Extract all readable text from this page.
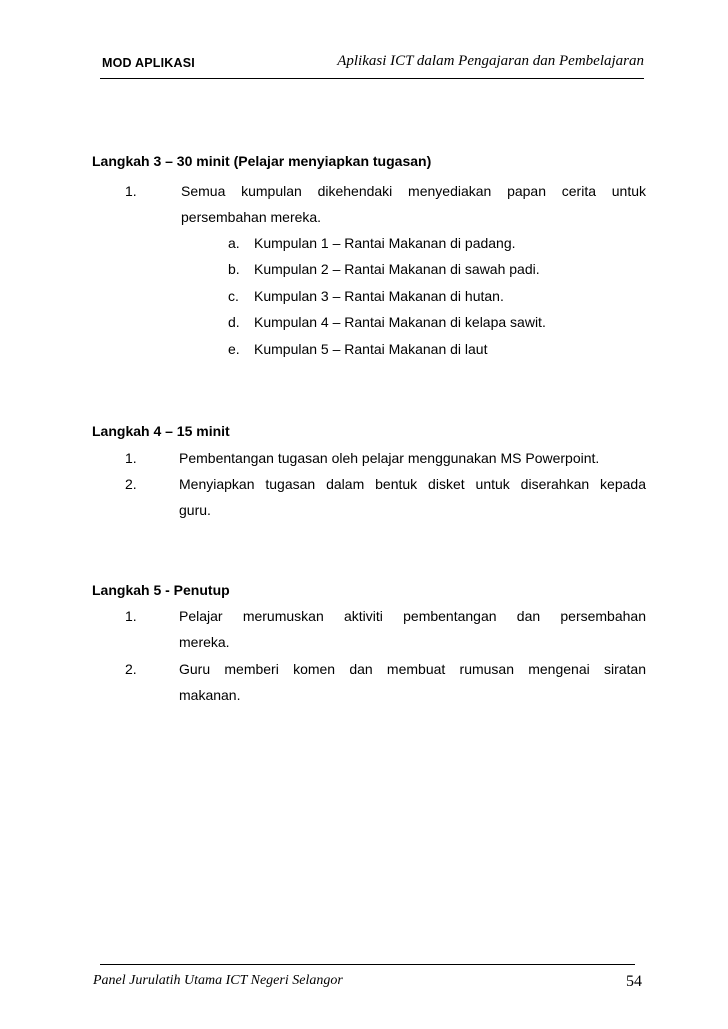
MOD APLIKASI	Aplikasi ICT dalam Pengajaran dan Pembelajaran
Langkah 3 – 30 minit (Pelajar menyiapkan tugasan)
1.	Semua kumpulan dikehendaki menyediakan papan cerita untuk
persembahan mereka.
a. Kumpulan 1 – Rantai Makanan di padang.
b. Kumpulan 2 – Rantai Makanan di sawah padi.
c. Kumpulan 3 – Rantai Makanan di hutan.
d. Kumpulan 4 – Rantai Makanan di kelapa sawit.
e. Kumpulan 5 – Rantai Makanan di laut
Langkah 4 – 15 minit
1.	Pembentangan tugasan oleh pelajar menggunakan MS Powerpoint.
2.	Menyiapkan tugasan dalam bentuk disket untuk diserahkan kepada
guru.
Langkah 5 - Penutup
1.	Pelajar merumuskan aktiviti pembentangan dan persembahan
mereka.
2.	Guru memberi komen dan membuat rumusan mengenai siratan
makanan.
Panel Jurulatih Utama ICT Negeri Selangor	54
